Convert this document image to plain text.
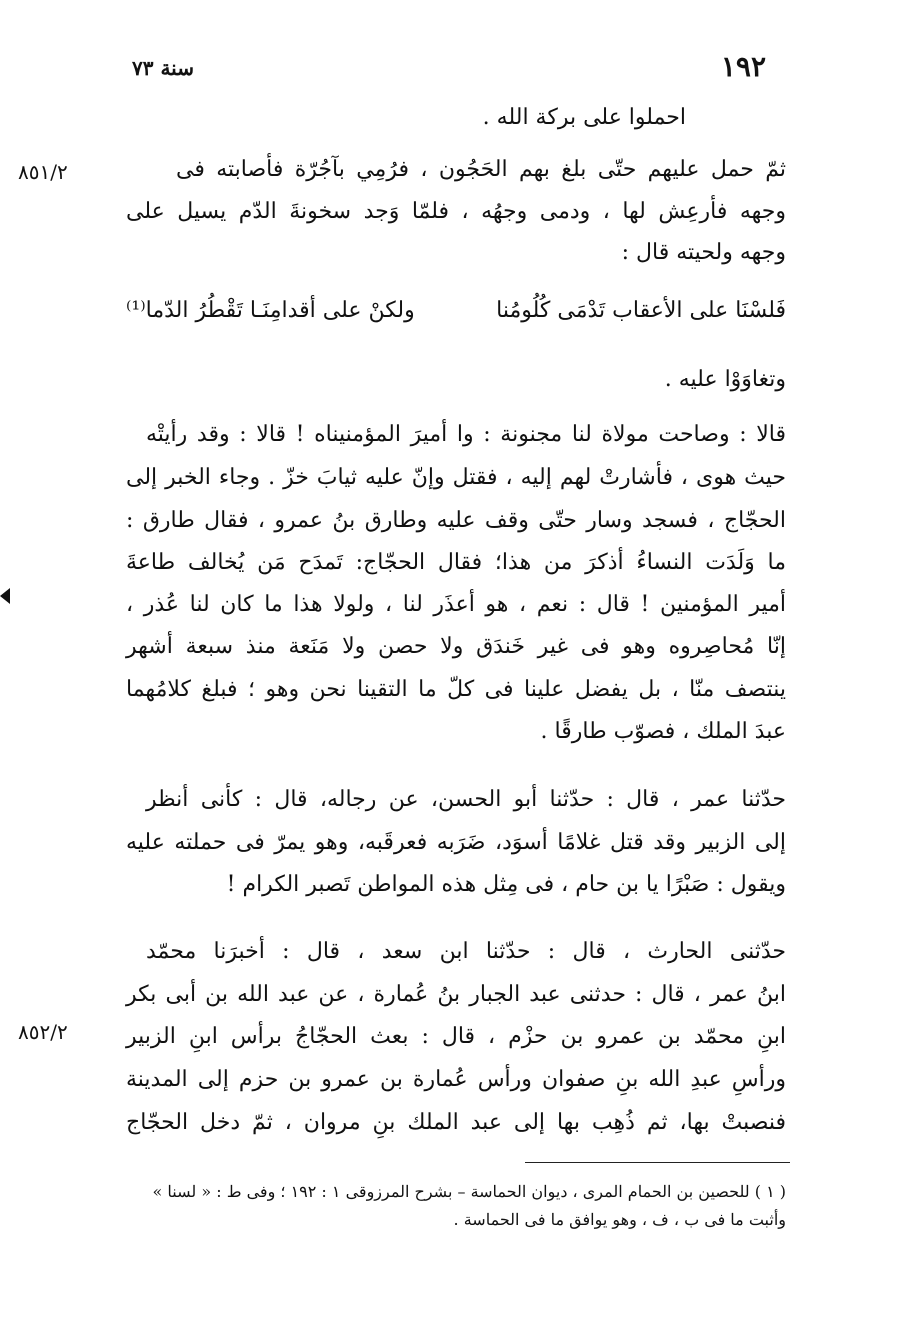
١٩٢
سنة ٧٣
٨٥١/٢
٨٥٢/٢
احملوا على بركة الله .
ثمّ حمل عليهم حتّى بلغ بهم الحَجُون ، فرُمِي بآجُرّة فأصابته فى
وجهه فأرعِش لها ، ودمى وجهُه ، فلمّا وَجد سخونةَ الدّم يسيل على
وجهه ولحيته قال :
فَلسْنَا على الأعقاب تَدْمَى كُلُومُنا
ولكنْ على أقدامِنَـا تَقْطُرُ الدّما⁽¹⁾
وتغاوَوْا عليه .
قالا : وصاحت مولاة لنا مجنونة : وا أميرَ المؤمنيناه ! قالا : وقد رأيتْه
حيث هوى ، فأشارتْ لهم إليه ، فقتل وإنّ عليه ثيابَ خزّ . وجاء الخبر إلى
الحجّاج ، فسجد وسار حتّى وقف عليه وطارق بنُ عمرو ، فقال طارق :
ما وَلَدَت النساءُ أذكرَ من هذا؛ فقال الحجّاج: تَمدَح مَن يُخالف طاعةَ
أمير المؤمنين ! قال : نعم ، هو أعذَر لنا ، ولولا هذا ما كان لنا عُذر ،
إنّا مُحاصِروه وهو فى غير خَندَق ولا حصن ولا مَنَعة منذ سبعة أشهر
ينتصف منّا ، بل يفضل علينا فى كلّ ما التقينا نحن وهو ؛ فبلغ كلامُهما
عبدَ الملك ، فصوّب طارقًا .
حدّثنا عمر ، قال : حدّثنا أبو الحسن، عن رجاله، قال : كأنى أنظر
إلى الزبير وقد قتل غلامًا أسوَد، ضَرَبه فعرقَبه، وهو يمرّ فى حملته عليه
ويقول : صَبْرًا يا بن حام ، فى مِثل هذه المواطن تَصبر الكرام !
حدّثنى الحارث ، قال : حدّثنا ابن سعد ، قال : أخبرَنا محمّد
ابنُ عمر ، قال : حدثنى عبد الجبار بنُ عُمارة ، عن عبد الله بن أبى بكر
ابنِ محمّد بن عمرو بن حزْم ، قال : بعث الحجّاجُ برأس ابنِ الزبير
ورأسِ عبدِ الله بنِ صفوان ورأس عُمارة بن عمرو بن حزم إلى المدينة
فنصبتْ بها، ثم ذُهِب بها إلى عبد الملك بنِ مروان ، ثمّ دخل الحجّاج
( ١ ) للحصين بن الحمام المرى ، ديوان الحماسة – بشرح المرزوقى ١ : ١٩٢ ؛ وفى ط : « لسنا »
وأثبت ما فى ب ، ف ، وهو يوافق ما فى الحماسة .
